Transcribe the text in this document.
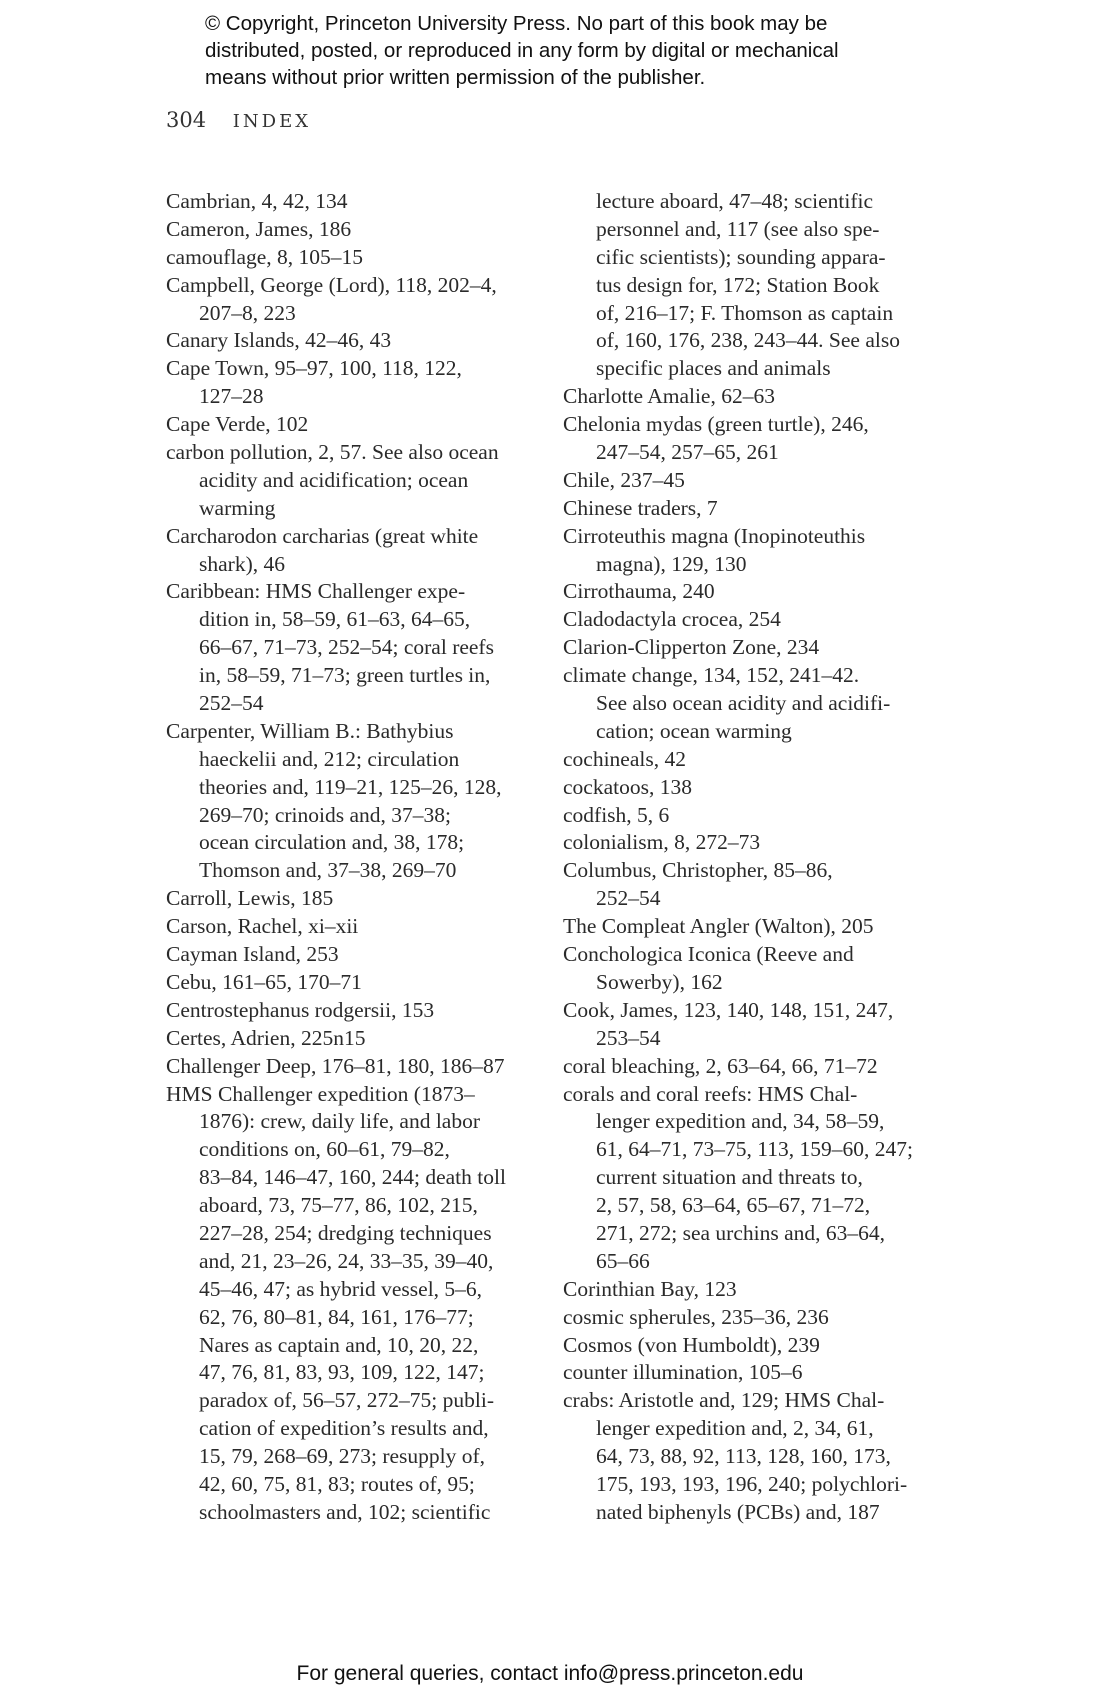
© Copyright, Princeton University Press. No part of this book may be
distributed, posted, or reproduced in any form by digital or mechanical
means without prior written permission of the publisher.
304 INDEX
Cambrian, 4, 42, 134
Cameron, James, 186
camouflage, 8, 105–15
Campbell, George (Lord), 118, 202–4,
207–8, 223
Canary Islands, 42–46, 43
Cape Town, 95–97, 100, 118, 122,
127–28
Cape Verde, 102
carbon pollution, 2, 57. See also ocean
acidity and acidification; ocean
warming
Carcharodon carcharias (great white
shark), 46
Caribbean: HMS Challenger expe-
dition in, 58–59, 61–63, 64–65,
66–67, 71–73, 252–54; coral reefs
in, 58–59, 71–73; green turtles in,
252–54
Carpenter, William B.: Bathybius
haeckelii and, 212; circulation
theories and, 119–21, 125–26, 128,
269–70; crinoids and, 37–38;
ocean circulation and, 38, 178;
Thomson and, 37–38, 269–70
Carroll, Lewis, 185
Carson, Rachel, xi–xii
Cayman Island, 253
Cebu, 161–65, 170–71
Centrostephanus rodgersii, 153
Certes, Adrien, 225n15
Challenger Deep, 176–81, 180, 186–87
HMS Challenger expedition (1873–
1876): crew, daily life, and labor
conditions on, 60–61, 79–82,
83–84, 146–47, 160, 244; death toll
aboard, 73, 75–77, 86, 102, 215,
227–28, 254; dredging techniques
and, 21, 23–26, 24, 33–35, 39–40,
45–46, 47; as hybrid vessel, 5–6,
62, 76, 80–81, 84, 161, 176–77;
Nares as captain and, 10, 20, 22,
47, 76, 81, 83, 93, 109, 122, 147;
paradox of, 56–57, 272–75; publi-
cation of expedition’s results and,
15, 79, 268–69, 273; resupply of,
42, 60, 75, 81, 83; routes of, 95;
schoolmasters and, 102; scientific
lecture aboard, 47–48; scientific
personnel and, 117 (see also spe-
cific scientists); sounding appara-
tus design for, 172; Station Book
of, 216–17; F. Thomson as captain
of, 160, 176, 238, 243–44. See also
specific places and animals
Charlotte Amalie, 62–63
Chelonia mydas (green turtle), 246,
247–54, 257–65, 261
Chile, 237–45
Chinese traders, 7
Cirroteuthis magna (Inopinoteuthis
magna), 129, 130
Cirrothauma, 240
Cladodactyla crocea, 254
Clarion-Clipperton Zone, 234
climate change, 134, 152, 241–42.
See also ocean acidity and acidifi-
cation; ocean warming
cochineals, 42
cockatoos, 138
codfish, 5, 6
colonialism, 8, 272–73
Columbus, Christopher, 85–86,
252–54
The Compleat Angler (Walton), 205
Conchologica Iconica (Reeve and
Sowerby), 162
Cook, James, 123, 140, 148, 151, 247,
253–54
coral bleaching, 2, 63–64, 66, 71–72
corals and coral reefs: HMS Chal-
lenger expedition and, 34, 58–59,
61, 64–71, 73–75, 113, 159–60, 247;
current situation and threats to,
2, 57, 58, 63–64, 65–67, 71–72,
271, 272; sea urchins and, 63–64,
65–66
Corinthian Bay, 123
cosmic spherules, 235–36, 236
Cosmos (von Humboldt), 239
counter illumination, 105–6
crabs: Aristotle and, 129; HMS Chal-
lenger expedition and, 2, 34, 61,
64, 73, 88, 92, 113, 128, 160, 173,
175, 193, 193, 196, 240; polychlori-
nated biphenyls (PCBs) and, 187
For general queries, contact info@press.princeton.edu
